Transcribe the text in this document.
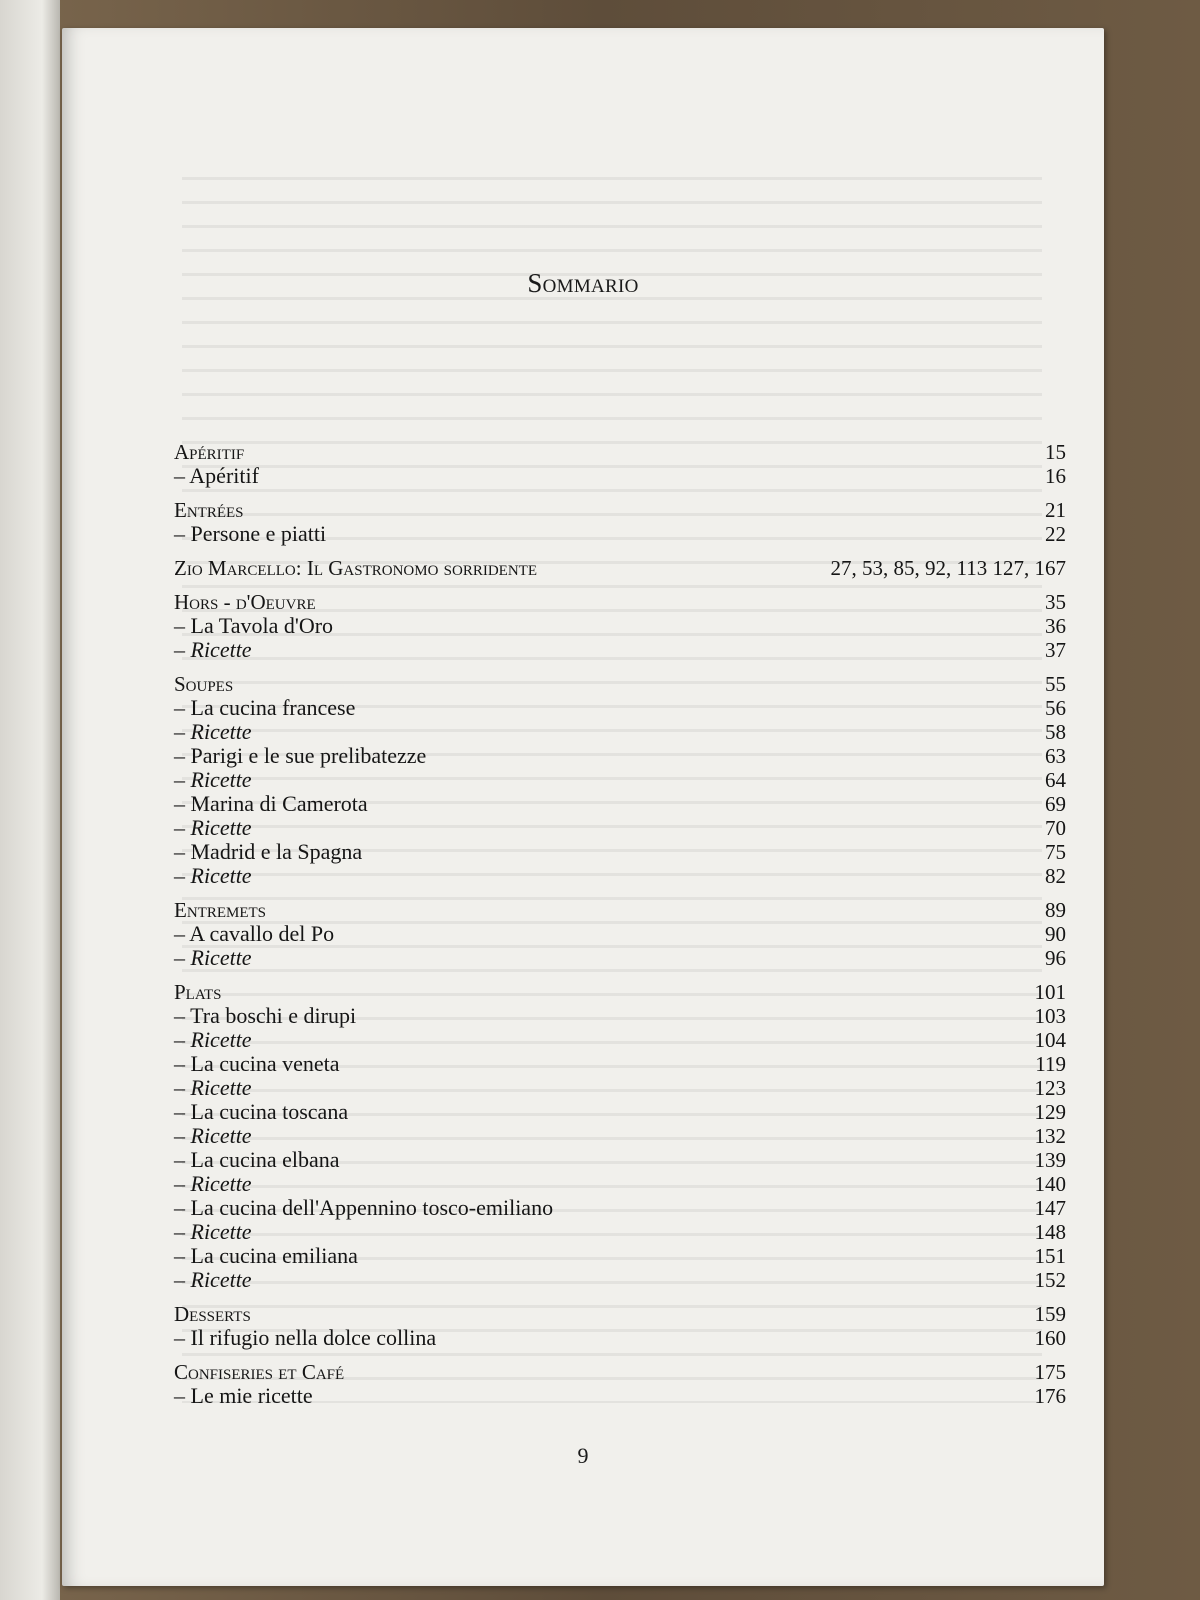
Sommario
Apéritif	15
– Apéritif	16
Entrées	21
– Persone e piatti	22
Zio Marcello: Il Gastronomo sorridente	27, 53, 85, 92, 113 127, 167
Hors - d'Oeuvre	35
– La Tavola d'Oro	36
– Ricette	37
Soupes	55
– La cucina francese	56
– Ricette	58
– Parigi e le sue prelibatezze	63
– Ricette	64
– Marina di Camerota	69
– Ricette	70
– Madrid e la Spagna	75
– Ricette	82
Entremets	89
– A cavallo del Po	90
– Ricette	96
Plats	101
– Tra boschi e dirupi	103
– Ricette	104
– La cucina veneta	119
– Ricette	123
– La cucina toscana	129
– Ricette	132
– La cucina elbana	139
– Ricette	140
– La cucina dell'Appennino tosco-emiliano	147
– Ricette	148
– La cucina emiliana	151
– Ricette	152
Desserts	159
– Il rifugio nella dolce collina	160
Confiseries et Café	175
– Le mie ricette	176
9
